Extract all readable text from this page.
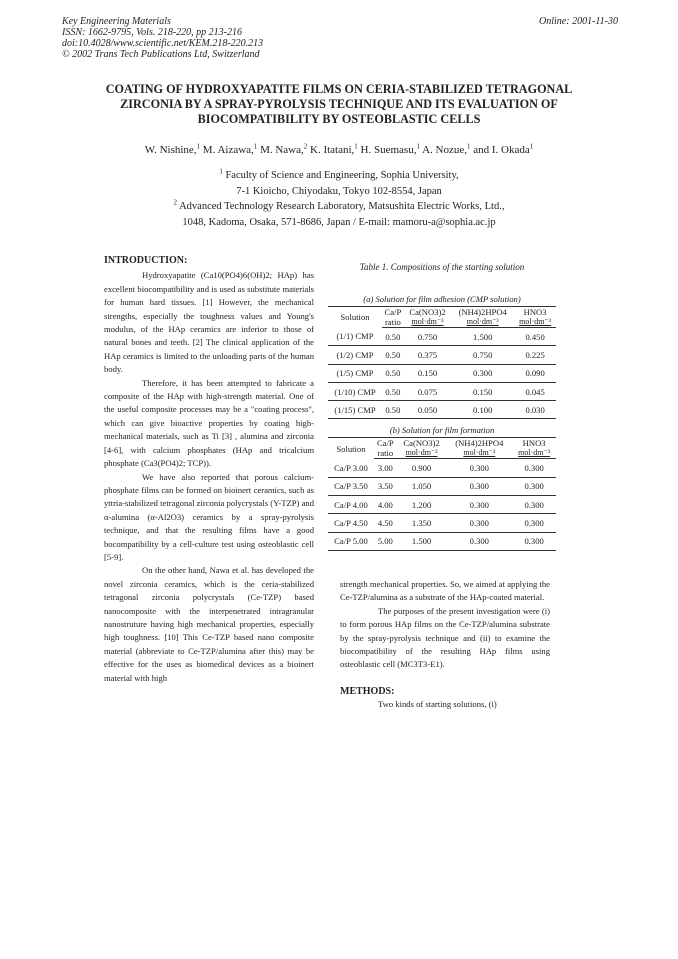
Key Engineering Materials
ISSN: 1662-9795, Vols. 218-220, pp 213-216
doi:10.4028/www.scientific.net/KEM.218-220.213
© 2002 Trans Tech Publications Ltd, Switzerland
Online: 2001-11-30
COATING OF HYDROXYAPATITE FILMS ON CERIA-STABILIZED TETRAGONAL ZIRCONIA BY A SPRAY-PYROLYSIS TECHNIQUE AND ITS EVALUATION OF BIOCOMPATIBILITY BY OSTEOBLASTIC CELLS
W. Nishine,$^1$ M. Aizawa,$^1$ M. Nawa,$^2$ K. Itatani,$^1$ H. Suemasu,$^1$ A. Nozue,$^1$ and I. Okada$^1$
$^1$ Faculty of Science and Engineering, Sophia University,
7-1 Kioicho, Chiyodaku, Tokyo 102-8554, Japan
$^2$ Advanced Technology Research Laboratory, Matsushita Electric Works, Ltd.,
1048, Kadoma, Osaka, 571-8686, Japan / E-mail: mamoru-a@sophia.ac.jp
INTRODUCTION:

Hydroxyapatite (Ca10(PO4)6(OH)2; HAp) has excellent biocompatibility and is used as substitute materials for human hard tissues. [1] However, the mechanical strengths, especially the toughness values and Young's modulus, of the HAp ceramics are inferior to those of natural bones and teeth. [2] The clinical application of the HAp ceramics is limited to the unloading parts of the human body.

Therefore, it has been attempted to fabricate a composite of the HAp with high-strength material. One of the useful composite processes may be a "coating process", which can give bioactive properties by coating high-mechanical materials, such as Ti [3] , alumina and zirconia [4-6], with calcium phosphates (HAp and tricalcium phosphate (Ca3(PO4)2; TCP)).

We have also reported that porous calcium-phosphate films can be formed on bioinert ceramics, such as yttria-stabilized tetragonal zirconia polycrystals (Y-TZP) and α-alumina (α-Al2O3) ceramics by a spray-pyrolysis technique, and that the resulting films have a good bocompatibility by a cell-culture test using osteoblastic cell [5-9].

On the other hand, Nawa et al. has developed the novel zirconia ceramics, which is the ceria-stabilized tetragonal zirconia polycrystals (Ce-TZP) based nanocomposite with the interpenetrated intragranular nanostruture having high mechanical properties, especially high toughness. [10] This Ce-TZP based nano composite material (abbreviate to Ce-TZP/alumina after this) may be effective for the uses as biomedical devices as a bioinert material with high

Table 1. Compositions of the starting solution
(a) Solution for film adhesion (CMP solution)
Solution	Ca/P	Ca(NO3)2	(NH4)2HPO4	HNO3
	ratio	mol·dm⁻³	mol·dm⁻³	mol·dm⁻³
(1/1) CMP	0.50	0.750	1.500	0.450
(1/2) CMP	0.50	0.375	0.750	0.225
(1/5) CMP	0.50	0.150	0.300	0.090
(1/10) CMP	0.50	0.075	0.150	0.045
(1/15) CMP	0.50	0.050	0.100	0.030
(b) Solution for film formation
Solution	Ca/P	Ca(NO3)2	(NH4)2HPO4	HNO3
	ratio	mol·dm⁻³	mol·dm⁻³	mol·dm⁻³
Ca/P 3.00	3.00	0.900	0.300	0.300
Ca/P 3.50	3.50	1.050	0.300	0.300
Ca/P 4.00	4.00	1.200	0.300	0.300
Ca/P 4.50	4.50	1.350	0.300	0.300
Ca/P 5.00	5.00	1.500	0.300	0.300

strength mechanical properties. So, we aimed at applying the Ce-TZP/alumina as a substrate of the HAp-coated material.

The purposes of the present investigation were (i) to form porous HAp films on the Ce-TZP/alumina substrate by the spray-pyrolysis technique and (ii) to examine the biocompatibility of the resulting HAp films using osteoblastic cell (MC3T3-E1).

METHODS:

Two kinds of starting solutions, (i)
